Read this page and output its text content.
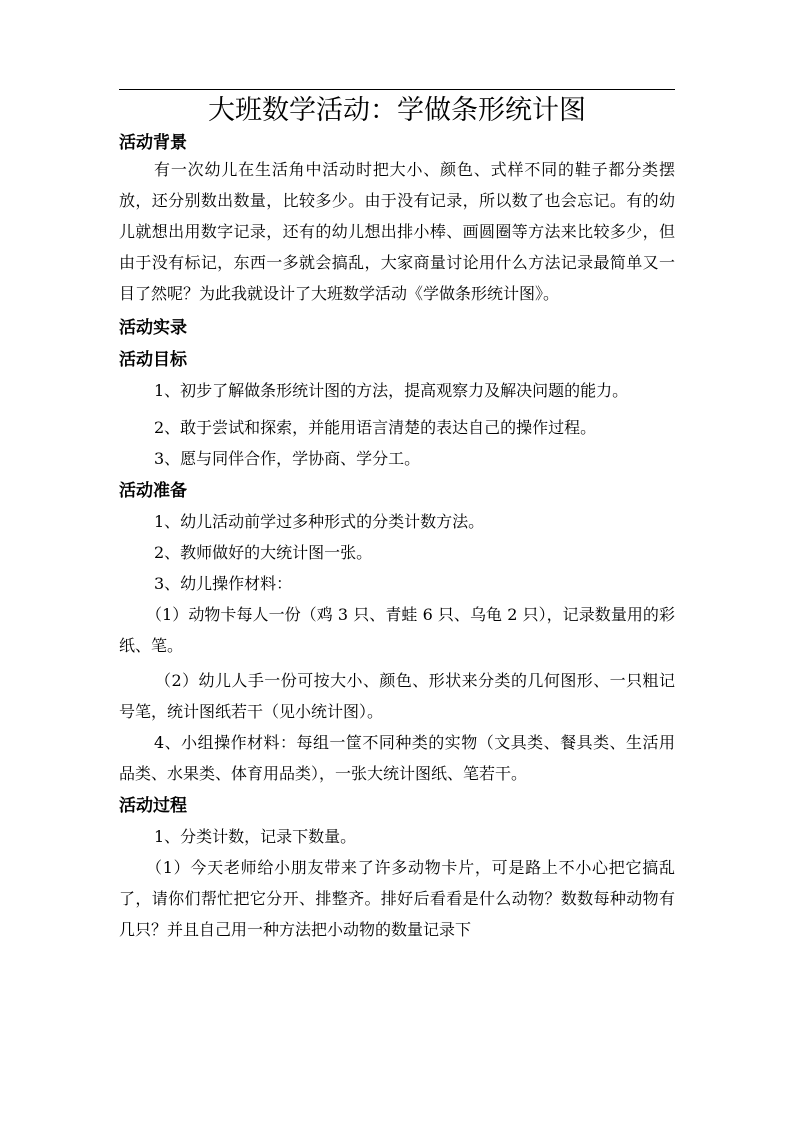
大班数学活动：学做条形统计图

活动背景

有一次幼儿在生活角中活动时把大小、颜色、式样不同的鞋子都分类摆放，还分别数出数量，比较多少。由于没有记录，所以数了也会忘记。有的幼儿就想出用数字记录，还有的幼儿想出排小棒、画圆圈等方法来比较多少，但由于没有标记，东西一多就会搞乱，大家商量讨论用什么方法记录最简单又一目了然呢？为此我就设计了大班数学活动《学做条形统计图》。

活动实录

活动目标

1、初步了解做条形统计图的方法，提高观察力及解决问题的能力。

2、敢于尝试和探索，并能用语言清楚的表达自己的操作过程。

3、愿与同伴合作，学协商、学分工。

活动准备

1、幼儿活动前学过多种形式的分类计数方法。

2、教师做好的大统计图一张。

3、幼儿操作材料：

（1）动物卡每人一份（鸡 3 只、青蛙 6 只、乌龟 2 只），记录数量用的彩纸、笔。

（2）幼儿人手一份可按大小、颜色、形状来分类的几何图形、一只粗记号笔，统计图纸若干（见小统计图）。

4、小组操作材料：每组一筐不同种类的实物（文具类、餐具类、生活用品类、水果类、体育用品类），一张大统计图纸、笔若干。

活动过程

1、分类计数，记录下数量。

（1）今天老师给小朋友带来了许多动物卡片，可是路上不小心把它搞乱了，请你们帮忙把它分开、排整齐。排好后看看是什么动物？数数每种动物有几只？并且自己用一种方法把小动物的数量记录下
